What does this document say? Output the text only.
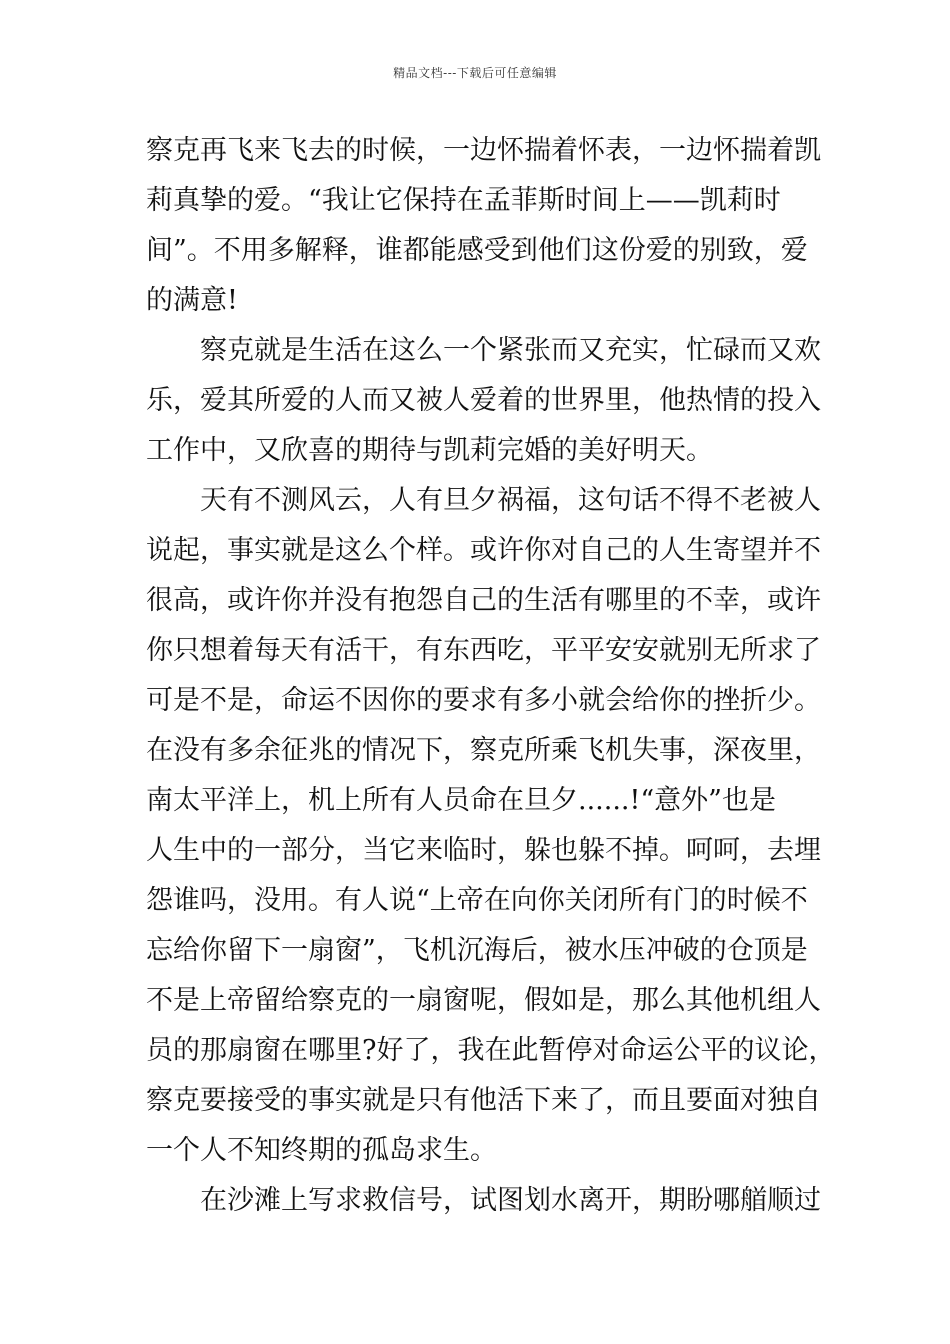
精品文档---下载后可任意编辑
察克再飞来飞去的时候，一边怀揣着怀表，一边怀揣着凯
莉真挚的爱。“我让它保持在孟菲斯时间上——凯莉时
间”。不用多解释，谁都能感受到他们这份爱的别致，爱
的满意!
　　察克就是生活在这么一个紧张而又充实，忙碌而又欢
乐，爱其所爱的人而又被人爱着的世界里，他热情的投入
工作中，又欣喜的期待与凯莉完婚的美好明天。
　　天有不测风云，人有旦夕祸福，这句话不得不老被人
说起，事实就是这么个样。或许你对自己的人生寄望并不
很高，或许你并没有抱怨自己的生活有哪里的不幸，或许
你只想着每天有活干，有东西吃，平平安安就别无所求了
可是不是，命运不因你的要求有多小就会给你的挫折少。
在没有多余征兆的情况下，察克所乘飞机失事，深夜里，
南太平洋上，机上所有人员命在旦夕......!“意外”也是
人生中的一部分，当它来临时，躲也躲不掉。呵呵，去埋
怨谁吗，没用。有人说“上帝在向你关闭所有门的时候不
忘给你留下一扇窗”，飞机沉海后，被水压冲破的仓顶是
不是上帝留给察克的一扇窗呢，假如是，那么其他机组人
员的那扇窗在哪里?好了，我在此暂停对命运公平的议论，
察克要接受的事实就是只有他活下来了，而且要面对独自
一个人不知终期的孤岛求生。
　　在沙滩上写求救信号，试图划水离开，期盼哪艏顺过
